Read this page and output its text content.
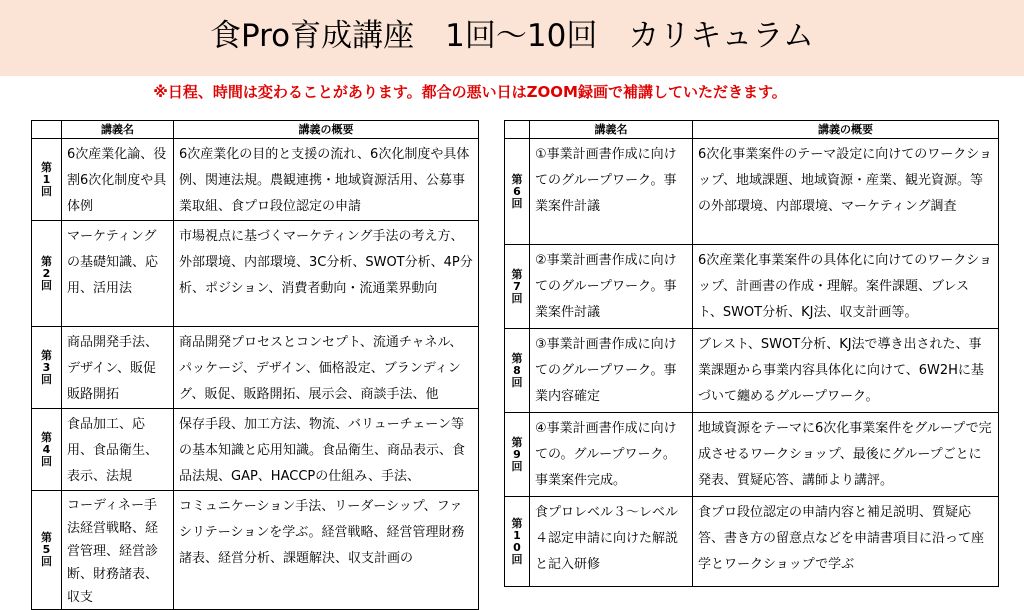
食Pro育成講座　1回～10回　カリキュラム
※日程、時間は変わることがあります。都合の悪い日はZOOM録画で補講していただきます。
	講義名	講義の概要
第1回	6次産業化論、役割6次化制度や具体例	6次産業化の目的と支援の流れ、6次化制度や具体例、関連法規。農観連携・地域資源活用、公募事業取組、食プロ段位認定の申請
第2回	マーケティングの基礎知識、応用、活用法	市場視点に基づくマーケティング手法の考え方、外部環境、内部環境、3C分析、SWOT分析、4P分析、ポジション、消費者動向・流通業界動向
第3回	商品開発手法、デザイン、販促販路開拓	商品開発プロセスとコンセプト、流通チャネル、パッケージ、デザイン、価格設定、ブランディング、販促、販路開拓、展示会、商談手法、他
第4回	食品加工、応用、食品衛生、表示、法規	保存手段、加工方法、物流、バリューチェーン等の基本知識と応用知識。食品衛生、商品表示、食品法規、GAP、HACCPの仕組み、手法、
第5回	コーディネー手法経営戦略、経営管理、経営診断、財務諸表、収支	コミュニケーション手法、リーダーシップ、ファシリテーションを学ぶ。経営戦略、経営管理財務諸表、経営分析、課題解決、収支計画の
	講義名	講義の概要
第6回	①事業計画書作成に向けてのグループワーク。事業案件計議	6次化事業案件のテーマ設定に向けてのワークショップ、地域課題、地域資源・産業、観光資源。等の外部環境、内部環境、マーケティング調査
第7回	②事業計画書作成に向けてのグループワーク。事業案件討議	6次産業化事業案件の具体化に向けてのワークショップ、計画書の作成・理解。案件課題、ブレスト、SWOT分析、KJ法、収支計画等。
第8回	③事業計画書作成に向けてのグループワーク。事業内容確定	ブレスト、SWOT分析、KJ法で導き出された、事業課題から事業内容具体化に向けて、6W2Hに基づいて纏めるグループワーク。
第9回	④事業計画書作成に向けての。グループワーク。事業案件完成。	地域資源をテーマに6次化事業案件をグループで完成させるワークショップ、最後にグループごとに発表、質疑応答、講師より講評。
第10回	食プロレベル３～レベル４認定申請に向けた解説と記入研修	食プロ段位認定の申請内容と補足説明、質疑応答、書き方の留意点などを申請書項目に沿って座学とワークショップで学ぶ
